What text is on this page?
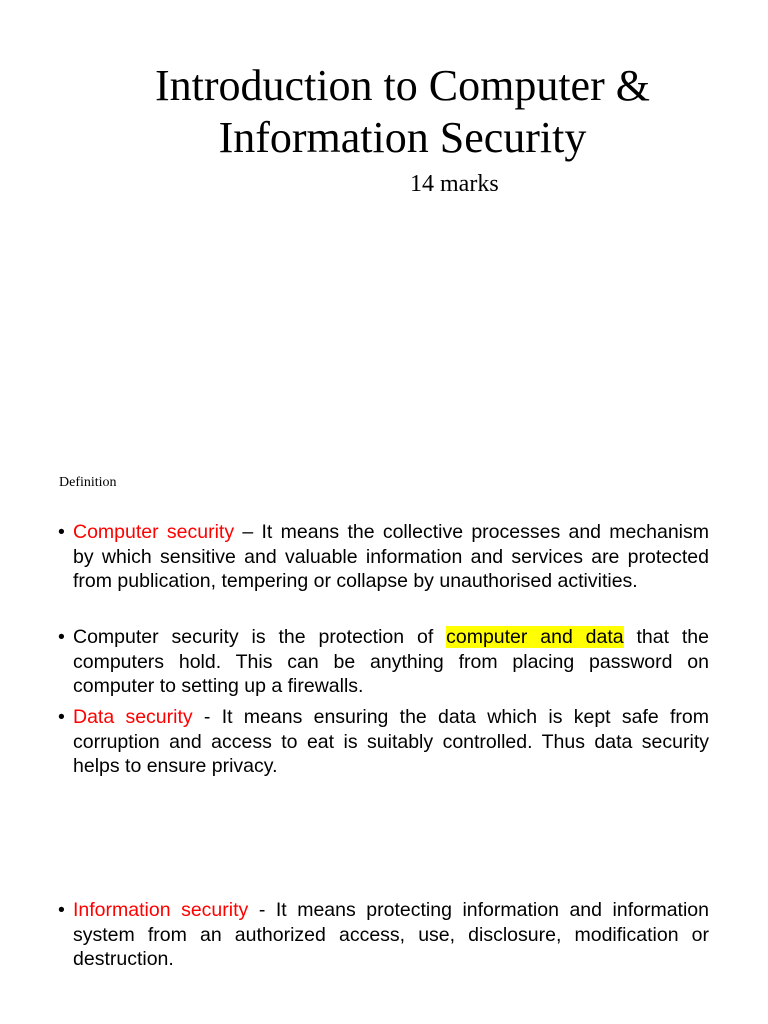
Introduction to Computer &
Information Security
14 marks
Definition
• Computer security – It means the collective processes and mechanism by which sensitive and valuable information and services are protected from publication, tempering or collapse by unauthorised activities.
• Computer security is the protection of computer and data that the computers hold. This can be anything from placing password on computer to setting up a firewalls.
• Data security - It means ensuring the data which is kept safe from corruption and access to eat is suitably controlled. Thus data security helps to ensure privacy.
• Information security - It means protecting information and information system from an authorized access, use, disclosure, modification or destruction.
